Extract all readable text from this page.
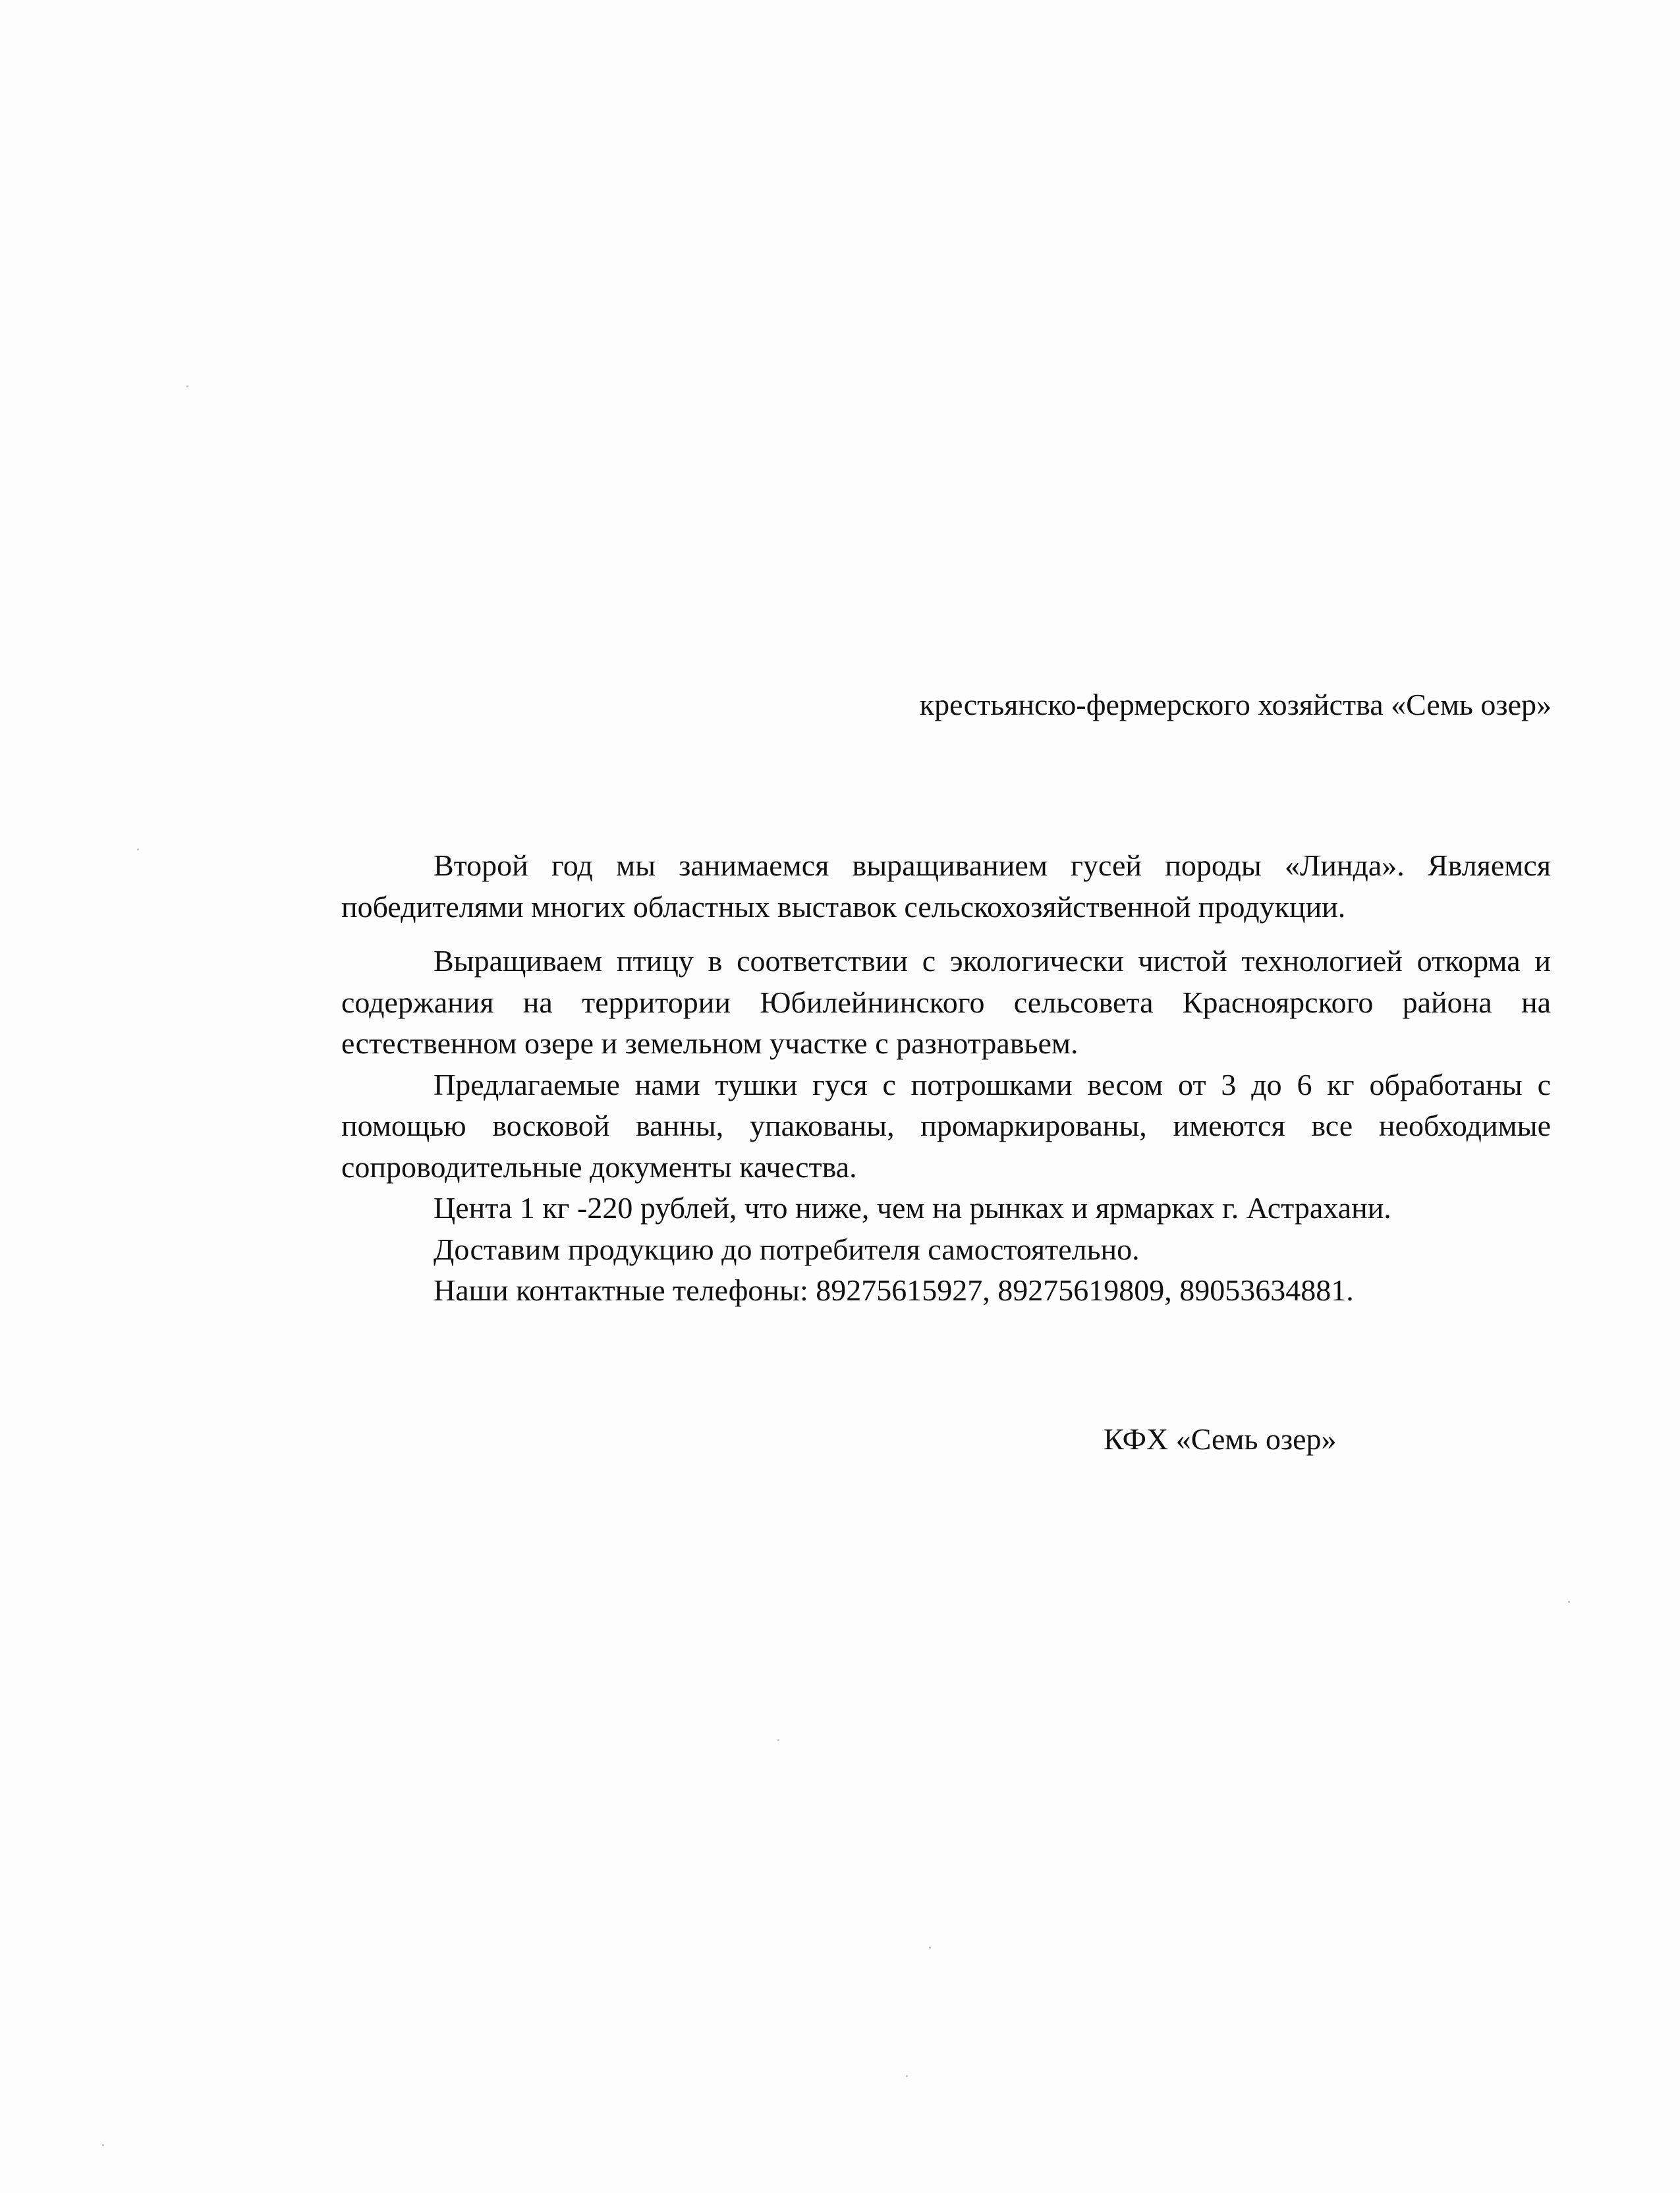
крестьянско-фермерского хозяйства «Семь озер»

Второй год мы занимаемся выращиванием гусей породы «Линда». Являемся победителями многих областных выставок сельскохозяйственной продукции.

Выращиваем птицу в соответствии с экологически чистой технологией откорма и содержания на территории Юбилейнинского сельсовета Красноярского района на естественном озере и земельном участке с разнотравьем.

Предлагаемые нами тушки гуся с потрошками весом от 3 до 6 кг обработаны с помощью восковой ванны, упакованы, промаркированы, имеются все необходимые сопроводительные документы качества.

Цента 1 кг -220 рублей, что ниже, чем на рынках и ярмарках г. Астрахани.

Доставим продукцию до потребителя самостоятельно.

Наши контактные телефоны: 89275615927, 89275619809, 89053634881.

КФХ «Семь озер»
